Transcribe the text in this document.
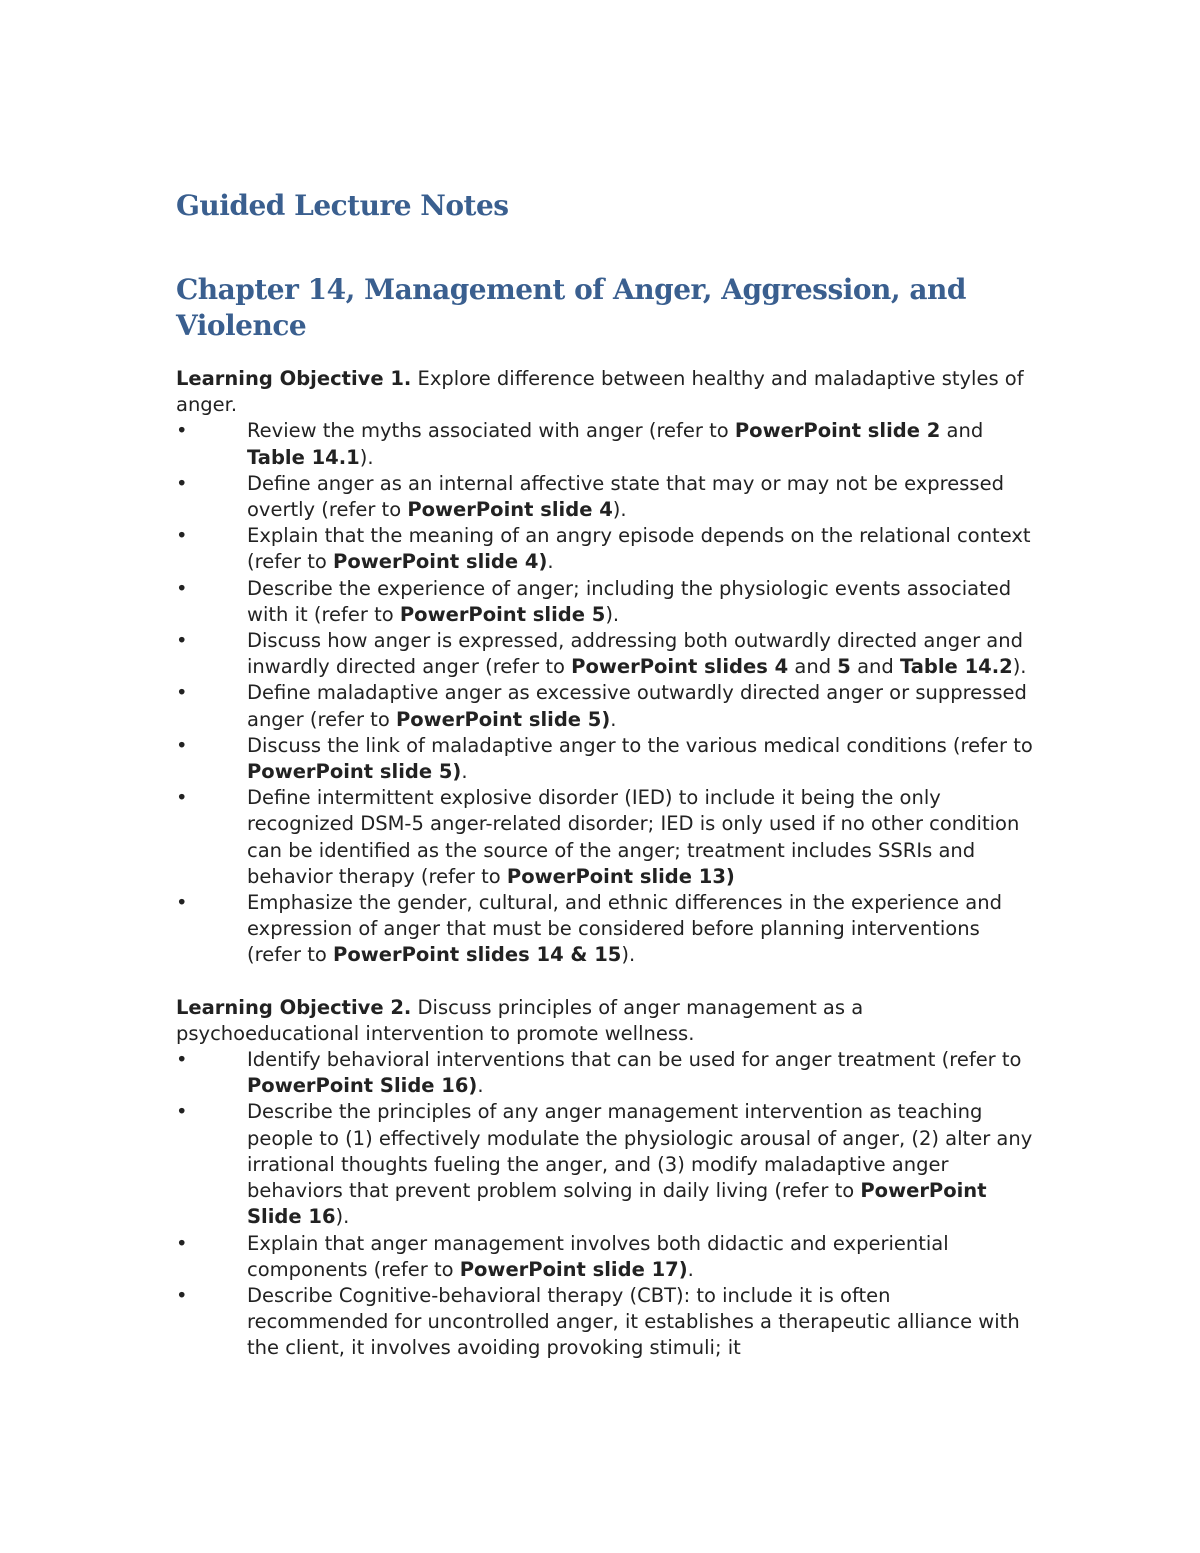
Guided Lecture Notes
Chapter 14, Management of Anger, Aggression, and Violence

Learning Objective 1. Explore difference between healthy and maladaptive styles of anger.

•	Review the myths associated with anger (refer to PowerPoint slide 2 and Table 14.1).
•	Define anger as an internal affective state that may or may not be expressed overtly (refer to PowerPoint slide 4).
•	Explain that the meaning of an angry episode depends on the relational context (refer to PowerPoint slide 4).
•	Describe the experience of anger; including the physiologic events associated with it (refer to PowerPoint slide 5).
•	Discuss how anger is expressed, addressing both outwardly directed anger and inwardly directed anger (refer to PowerPoint slides 4 and 5 and Table 14.2).
•	Define maladaptive anger as excessive outwardly directed anger or suppressed anger (refer to PowerPoint slide 5).
•	Discuss the link of maladaptive anger to the various medical conditions (refer to PowerPoint slide 5).
•	Define intermittent explosive disorder (IED) to include it being the only recognized DSM-5 anger-related disorder; IED is only used if no other condition can be identified as the source of the anger; treatment includes SSRIs and behavior therapy (refer to PowerPoint slide 13)
•	Emphasize the gender, cultural, and ethnic differences in the experience and expression of anger that must be considered before planning interventions (refer to PowerPoint slides 14 & 15).

Learning Objective 2. Discuss principles of anger management as a psychoeducational intervention to promote wellness.

•	Identify behavioral interventions that can be used for anger treatment (refer to PowerPoint Slide 16).
•	Describe the principles of any anger management intervention as teaching people to (1) effectively modulate the physiologic arousal of anger, (2) alter any irrational thoughts fueling the anger, and (3) modify maladaptive anger behaviors that prevent problem solving in daily living (refer to PowerPoint Slide 16).
•	Explain that anger management involves both didactic and experiential components (refer to PowerPoint slide 17).
•	Describe Cognitive-behavioral therapy (CBT): to include it is often recommended for uncontrolled anger, it establishes a therapeutic alliance with the client, it involves avoiding provoking stimuli; it
